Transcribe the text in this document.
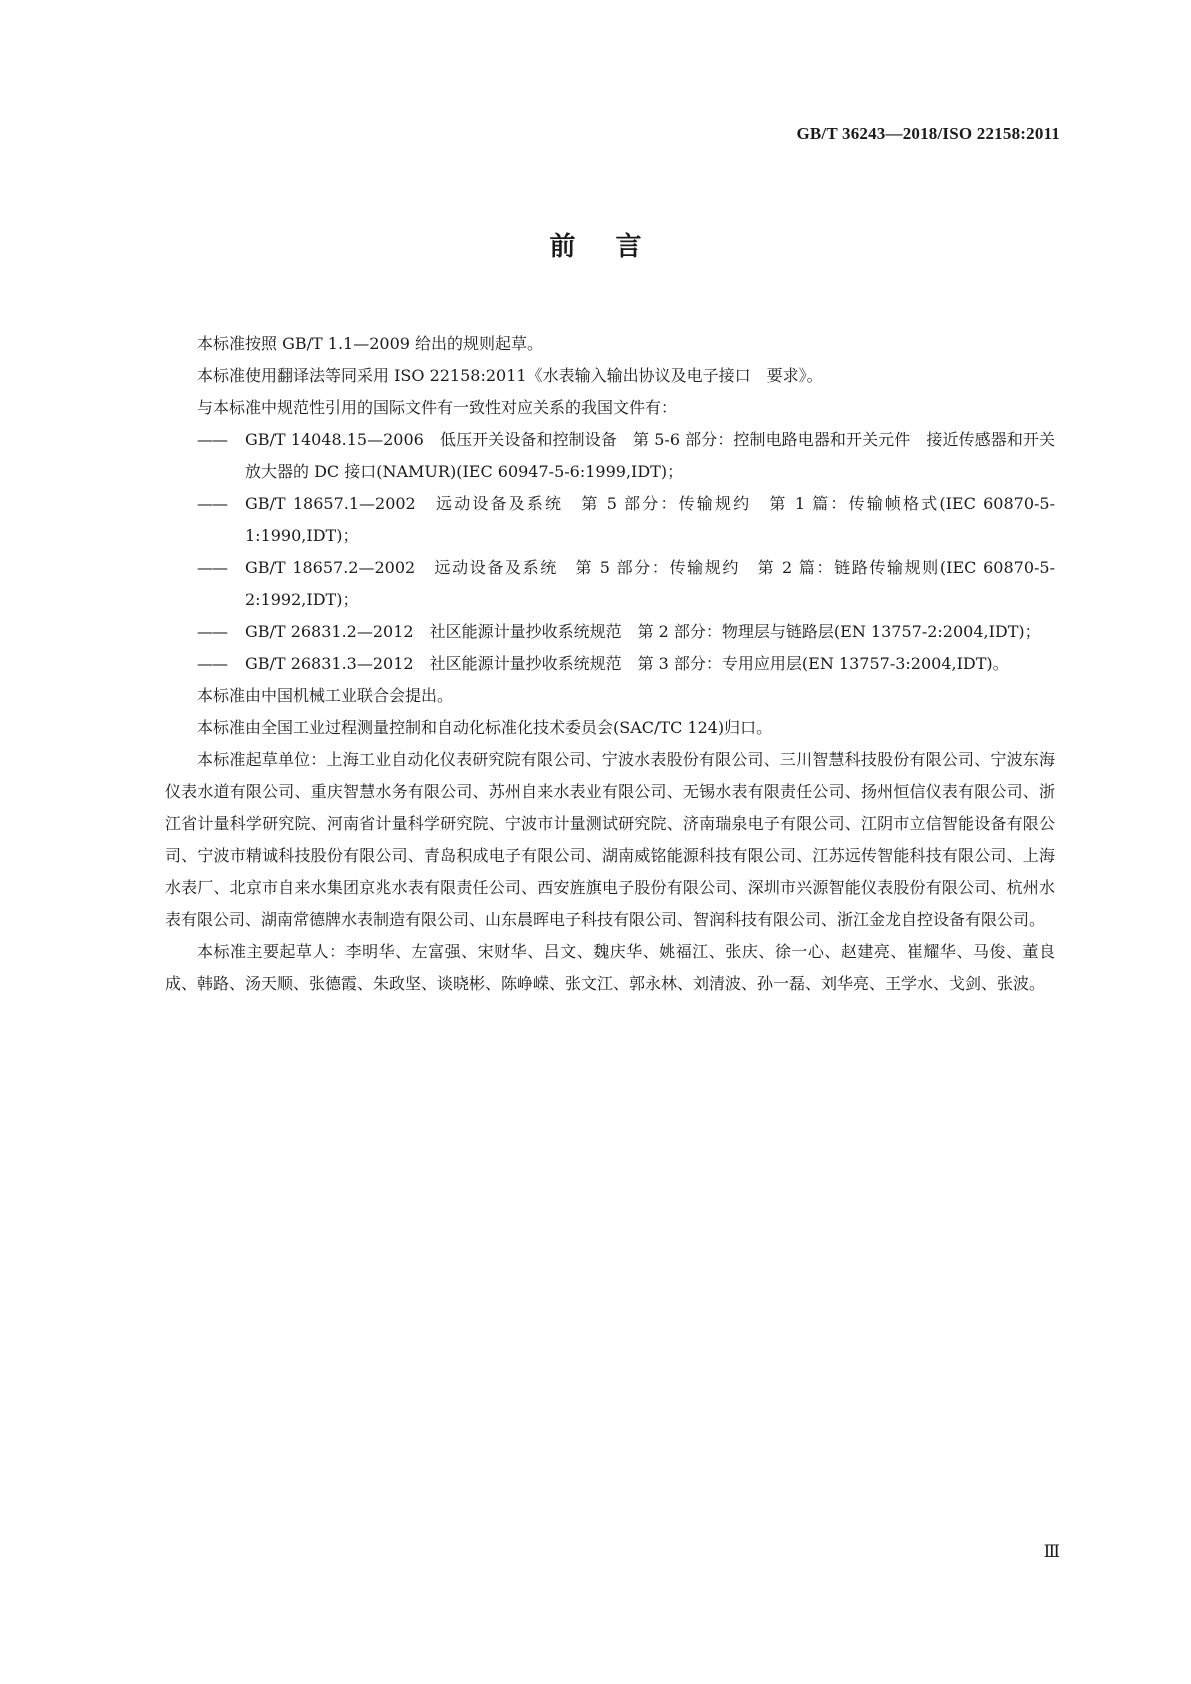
GB/T 36243—2018/ISO 22158:2011
前言

本标准按照 GB/T 1.1—2009 给出的规则起草。

本标准使用翻译法等同采用 ISO 22158:2011《水表输入输出协议及电子接口　要求》。

与本标准中规范性引用的国际文件有一致性对应关系的我国文件有：

——	GB/T 14048.15—2006　低压开关设备和控制设备　第 5-6 部分：控制电路电器和开关元件　接近传感器和开关放大器的 DC 接口(NAMUR)(IEC 60947-5-6:1999,IDT)；

——	GB/T 18657.1—2002　远动设备及系统　第 5 部分：传输规约　第 1 篇：传输帧格式(IEC 60870-5-1:1990,IDT)；

——	GB/T 18657.2—2002　远动设备及系统　第 5 部分：传输规约　第 2 篇：链路传输规则(IEC 60870-5-2:1992,IDT)；

——	GB/T 26831.2—2012　社区能源计量抄收系统规范　第 2 部分：物理层与链路层(EN 13757-2:2004,IDT)；

——	GB/T 26831.3—2012　社区能源计量抄收系统规范　第 3 部分：专用应用层(EN 13757-3:2004,IDT)。

本标准由中国机械工业联合会提出。

本标准由全国工业过程测量控制和自动化标准化技术委员会(SAC/TC 124)归口。

本标准起草单位：上海工业自动化仪表研究院有限公司、宁波水表股份有限公司、三川智慧科技股份有限公司、宁波东海仪表水道有限公司、重庆智慧水务有限公司、苏州自来水表业有限公司、无锡水表有限责任公司、扬州恒信仪表有限公司、浙江省计量科学研究院、河南省计量科学研究院、宁波市计量测试研究院、济南瑞泉电子有限公司、江阴市立信智能设备有限公司、宁波市精诚科技股份有限公司、青岛积成电子有限公司、湖南威铭能源科技有限公司、江苏远传智能科技有限公司、上海水表厂、北京市自来水集团京兆水表有限责任公司、西安旌旗电子股份有限公司、深圳市兴源智能仪表股份有限公司、杭州水表有限公司、湖南常德牌水表制造有限公司、山东晨晖电子科技有限公司、智润科技有限公司、浙江金龙自控设备有限公司。

本标准主要起草人：李明华、左富强、宋财华、吕文、魏庆华、姚福江、张庆、徐一心、赵建亮、崔耀华、马俊、董良成、韩路、汤天顺、张德霞、朱政坚、谈晓彬、陈峥嵘、张文江、郭永林、刘清波、孙一磊、刘华亮、王学水、戈剑、张波。

Ⅲ
